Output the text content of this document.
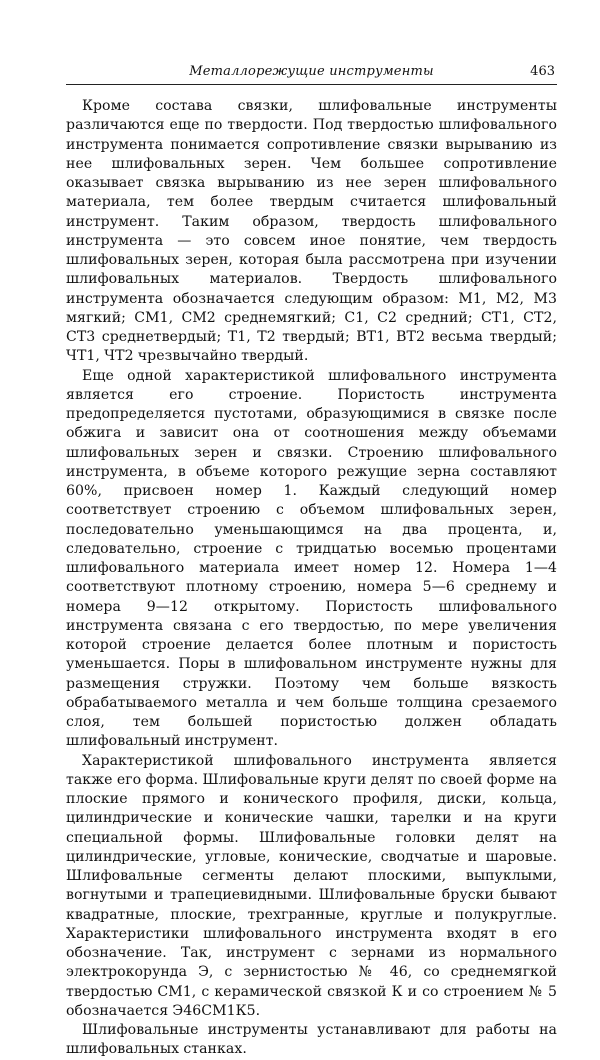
Металлорежущие инструменты	463

Кроме состава связки, шлифовальные инструменты различаются еще по твердости. Под твердостью шлифовального инструмента понимается сопротивление связки вырыванию из нее шлифовальных зерен. Чем большее сопротивление оказывает связка вырыванию из нее зерен шлифовального материала, тем более твердым считается шлифовальный инструмент. Таким образом, твердость шлифовального инструмента — это совсем иное понятие, чем твердость шлифовальных зерен, которая была рассмотрена при изучении шлифовальных материалов. Твердость шлифовального инструмента обозначается следующим образом: М1, М2, М3 мягкий; СМ1, СМ2 среднемягкий; С1, С2 средний; СТ1, СТ2, СТ3 среднетвердый; Т1, Т2 твердый; ВТ1, ВТ2 весьма твердый; ЧТ1, ЧТ2 чрезвычайно твердый.

Еще одной характеристикой шлифовального инструмента является его строение. Пористость инструмента предопределяется пустотами, образующимися в связке после обжига и зависит она от соотношения между объемами шлифовальных зерен и связки. Строению шлифовального инструмента, в объеме которого режущие зерна составляют 60%, присвоен номер 1. Каждый следующий номер соответствует строению с объемом шлифовальных зерен, последовательно уменьшающимся на два процента, и, следовательно, строение с тридцатью восемью процентами шлифовального материала имеет номер 12. Номера 1—4 соответствуют плотному строению, номера 5—6 среднему и номера 9—12 открытому. Пористость шлифовального инструмента связана с его твердостью, по мере увеличения которой строение делается более плотным и пористость уменьшается. Поры в шлифовальном инструменте нужны для размещения стружки. Поэтому чем больше вязкость обрабатываемого металла и чем больше толщина срезаемого слоя, тем большей пористостью должен обладать шлифовальный инструмент.

Характеристикой шлифовального инструмента является также его форма. Шлифовальные круги делят по своей форме на плоские прямого и конического профиля, диски, кольца, цилиндрические и конические чашки, тарелки и на круги специальной формы. Шлифовальные головки делят на цилиндрические, угловые, конические, сводчатые и шаровые. Шлифовальные сегменты делают плоскими, выпуклыми, вогнутыми и трапециевидными. Шлифовальные бруски бывают квадратные, плоские, трехгранные, круглые и полукруглые. Характеристики шлифовального инструмента входят в его обозначение. Так, инструмент с зернами из нормального электрокорунда Э, с зернистостью № 46, со среднемягкой твердостью СМ1, с керамической связкой К и со строением № 5 обозначается Э46СМ1К5.

Шлифовальные инструменты устанавливают для работы на шлифовальных станках.
